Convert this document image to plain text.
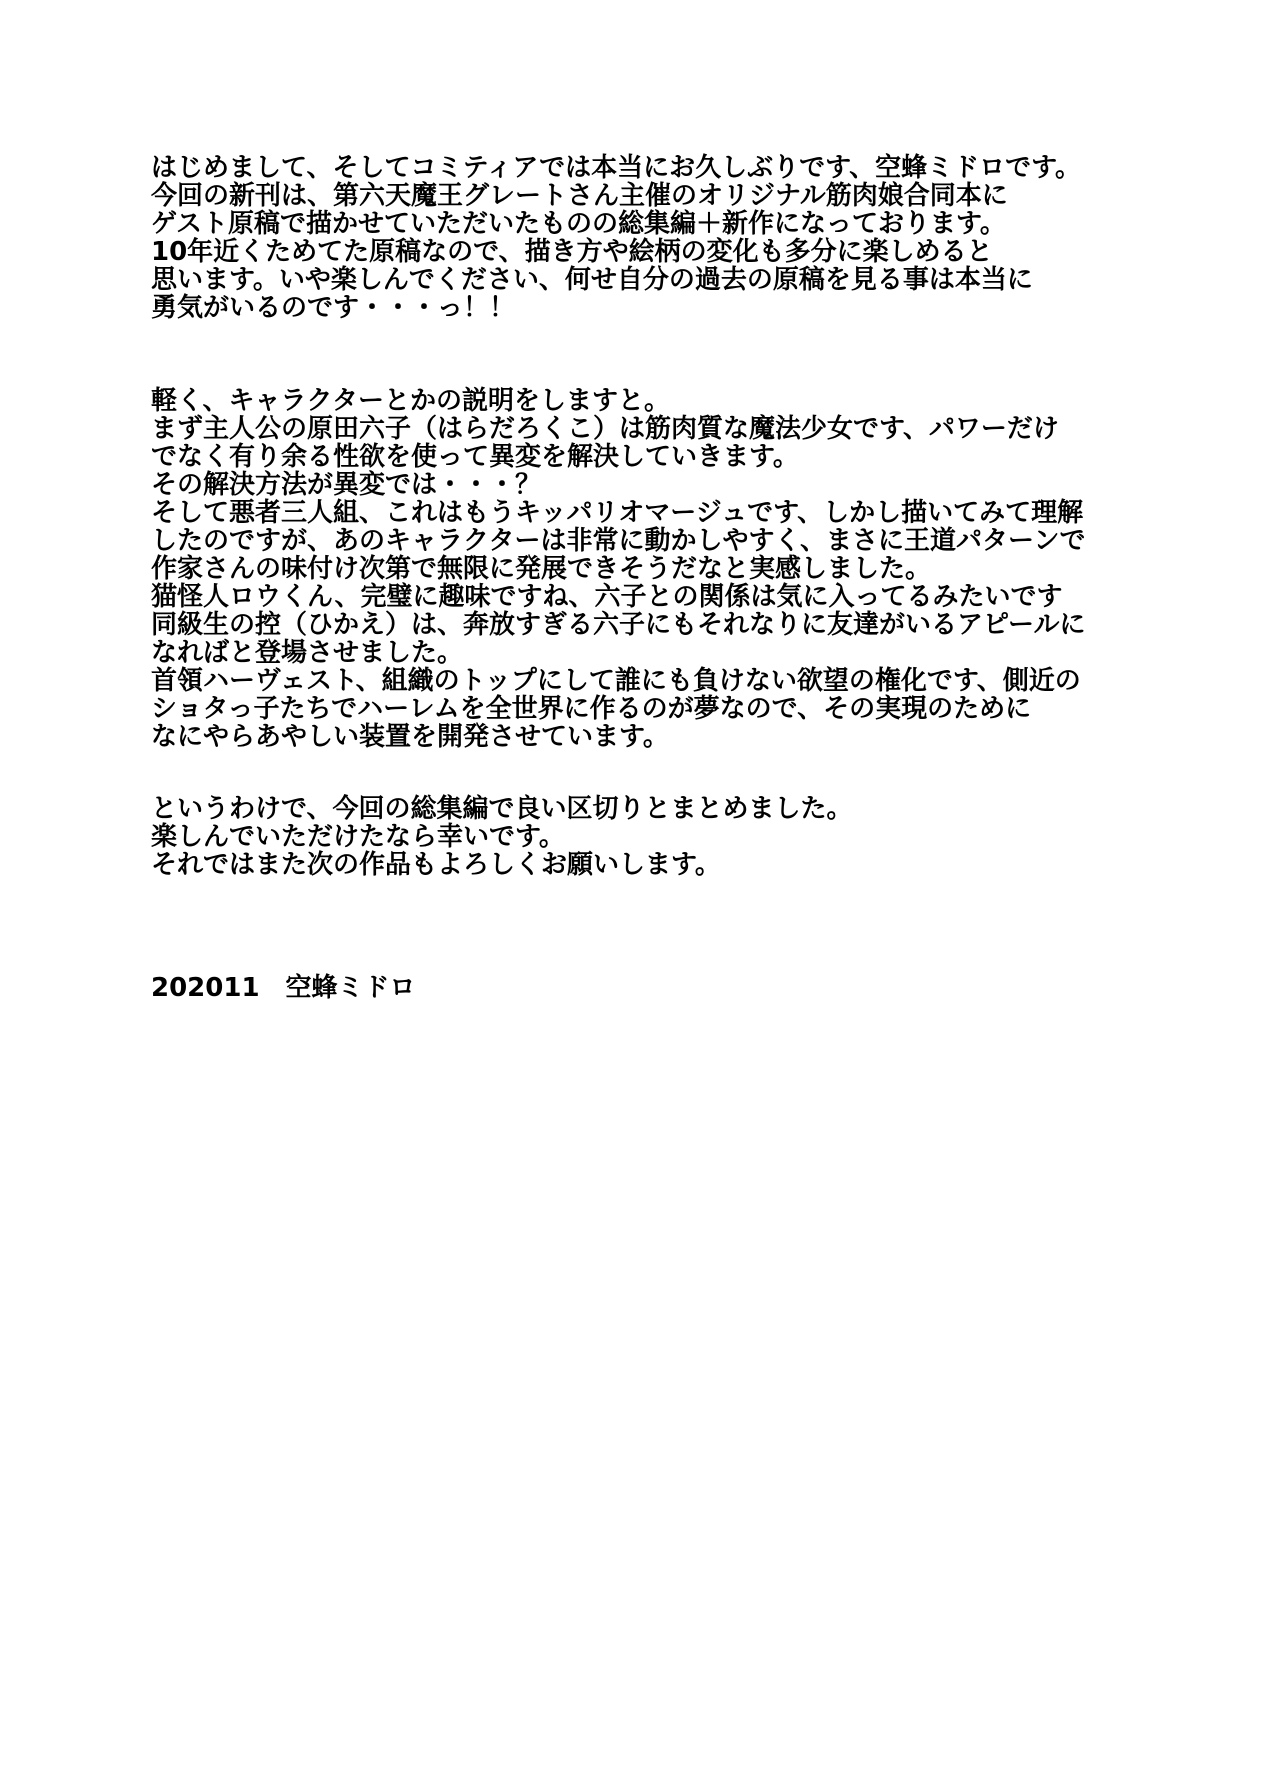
はじめまして、そしてコミティアでは本当にお久しぶりです、空蜂ミドロです。
今回の新刊は、第六天魔王グレートさん主催のオリジナル筋肉娘合同本に
ゲスト原稿で描かせていただいたものの総集編＋新作になっております。
10年近くためてた原稿なので、描き方や絵柄の変化も多分に楽しめると
思います。いや楽しんでください、何せ自分の過去の原稿を見る事は本当に
勇気がいるのです・・・っ！！
軽く、キャラクターとかの説明をしますと。
まず主人公の原田六子（はらだろくこ）は筋肉質な魔法少女です、パワーだけ
でなく有り余る性欲を使って異変を解決していきます。
その解決方法が異変では・・・？
そして悪者三人組、これはもうキッパリオマージュです、しかし描いてみて理解
したのですが、あのキャラクターは非常に動かしやすく、まさに王道パターンで
作家さんの味付け次第で無限に発展できそうだなと実感しました。
猫怪人ロウくん、完璧に趣味ですね、六子との関係は気に入ってるみたいです
同級生の控（ひかえ）は、奔放すぎる六子にもそれなりに友達がいるアピールに
なればと登場させました。
首領ハーヴェスト、組織のトップにして誰にも負けない欲望の権化です、側近の
ショタっ子たちでハーレムを全世界に作るのが夢なので、その実現のために
なにやらあやしい装置を開発させています。
というわけで、今回の総集編で良い区切りとまとめました。
楽しんでいただけたなら幸いです。
それではまた次の作品もよろしくお願いします。
202011　空蜂ミドロ
